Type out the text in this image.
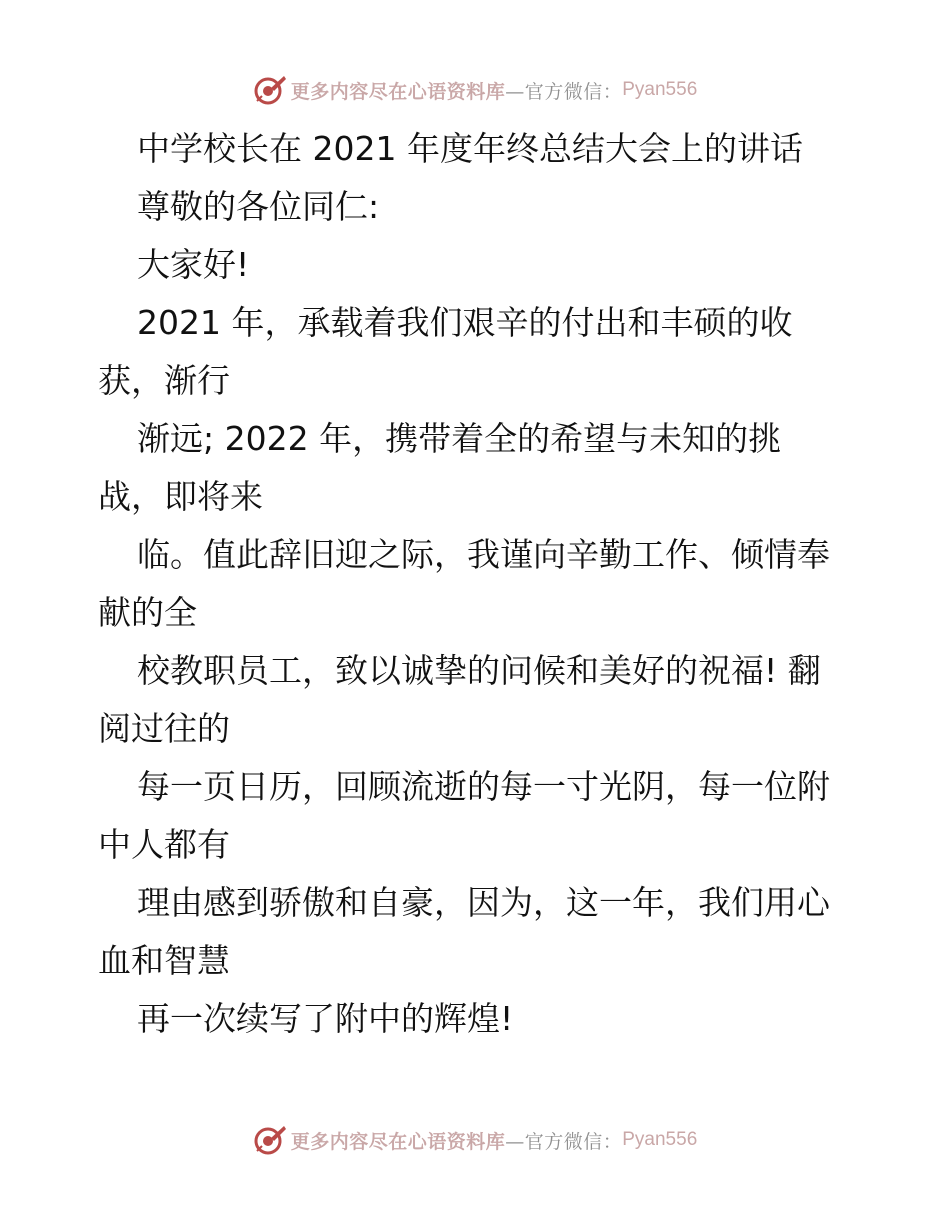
更多内容尽在心语资料库 —官方微信： Pyan556
中学校长在 2021 年度年终总结大会上的讲话
尊敬的各位同仁:
大家好!
2021 年，承载着我们艰辛的付出和丰硕的收
获，渐行
渐远; 2022 年，携带着全的希望与未知的挑
战，即将来
临。值此辞旧迎之际，我谨向辛勤工作、倾情奉
献的全
校教职员工，致以诚挚的问候和美好的祝福! 翻
阅过往的
每一页日历，回顾流逝的每一寸光阴，每一位附
中人都有
理由感到骄傲和自豪，因为，这一年，我们用心
血和智慧
再一次续写了附中的辉煌!
更多内容尽在心语资料库 —官方微信： Pyan556
